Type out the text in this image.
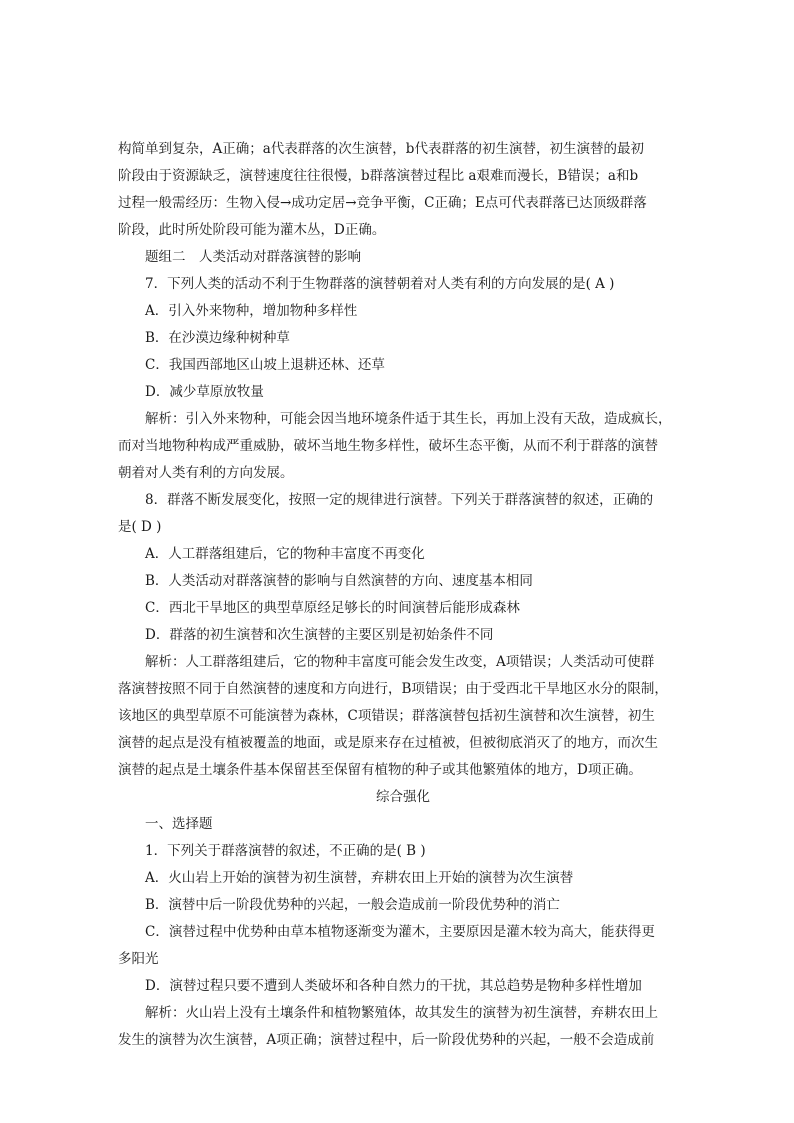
构简单到复杂，A正确；a代表群落的次生演替，b代表群落的初生演替，初生演替的最初
阶段由于资源缺乏，演替速度往往很慢，b群落演替过程比 a艰难而漫长，B错误；a和b
过程一般需经历：生物入侵→成功定居→竞争平衡，C正确；E点可代表群落已达顶级群落
阶段，此时所处阶段可能为灌木丛，D正确。
题组二　人类活动对群落演替的影响
7．下列人类的活动不利于生物群落的演替朝着对人类有利的方向发展的是( A )
A．引入外来物种，增加物种多样性
B．在沙漠边缘种树种草
C．我国西部地区山坡上退耕还林、还草
D．减少草原放牧量
解析：引入外来物种，可能会因当地环境条件适于其生长，再加上没有天敌，造成疯长，
而对当地物种构成严重威胁，破坏当地生物多样性，破坏生态平衡，从而不利于群落的演替
朝着对人类有利的方向发展。
8．群落不断发展变化，按照一定的规律进行演替。下列关于群落演替的叙述，正确的
是( D )
A．人工群落组建后，它的物种丰富度不再变化
B．人类活动对群落演替的影响与自然演替的方向、速度基本相同
C．西北干旱地区的典型草原经足够长的时间演替后能形成森林
D．群落的初生演替和次生演替的主要区别是初始条件不同
解析：人工群落组建后，它的物种丰富度可能会发生改变，A项错误；人类活动可使群
落演替按照不同于自然演替的速度和方向进行，B项错误；由于受西北干旱地区水分的限制，
该地区的典型草原不可能演替为森林，C项错误；群落演替包括初生演替和次生演替，初生
演替的起点是没有植被覆盖的地面，或是原来存在过植被，但被彻底消灭了的地方，而次生
演替的起点是土壤条件基本保留甚至保留有植物的种子或其他繁殖体的地方，D项正确。
综合强化
一、选择题
1．下列关于群落演替的叙述，不正确的是( B )
A．火山岩上开始的演替为初生演替，弃耕农田上开始的演替为次生演替
B．演替中后一阶段优势种的兴起，一般会造成前一阶段优势种的消亡
C．演替过程中优势种由草本植物逐渐变为灌木，主要原因是灌木较为高大，能获得更
多阳光
D．演替过程只要不遭到人类破坏和各种自然力的干扰，其总趋势是物种多样性增加
解析：火山岩上没有土壤条件和植物繁殖体，故其发生的演替为初生演替，弃耕农田上
发生的演替为次生演替，A项正确；演替过程中，后一阶段优势种的兴起，一般不会造成前
